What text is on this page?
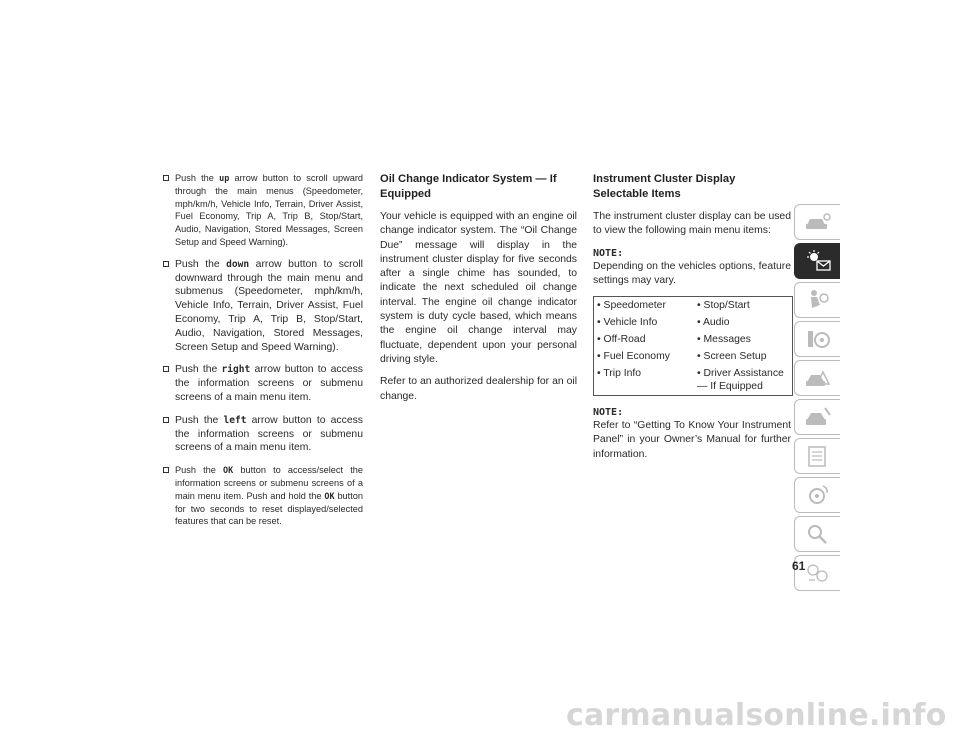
Push the up arrow button to scroll upward through the main menus (Speedometer, mph/km/h, Vehicle Info, Terrain, Driver Assist, Fuel Economy, Trip A, Trip B, Stop/Start, Audio, Navigation, Stored Messages, Screen Setup and Speed Warning).
Push the down arrow button to scroll downward through the main menu and submenus (Speedometer, mph/km/h, Vehicle Info, Terrain, Driver Assist, Fuel Economy, Trip A, Trip B, Stop/Start, Audio, Navigation, Stored Messages, Screen Setup and Speed Warning).
Push the right arrow button to access the information screens or submenu screens of a main menu item.
Push the left arrow button to access the information screens or submenu screens of a main menu item.
Push the OK button to access/select the information screens or submenu screens of a main menu item. Push and hold the OK button for two seconds to reset displayed/selected features that can be reset.
Oil Change Indicator System — If Equipped

Your vehicle is equipped with an engine oil change indicator system. The “Oil Change Due” message will display in the instrument cluster display for five seconds after a single chime has sounded, to indicate the next scheduled oil change interval. The engine oil change indicator system is duty cycle based, which means the engine oil change interval may fluctuate, dependent upon your personal driving style.

Refer to an authorized dealership for an oil change.

Instrument Cluster Display Selectable Items

The instrument cluster display can be used to view the following main menu items:

NOTE:

Depending on the vehicles options, feature settings may vary.

• Speedometer	• Stop/Start
• Vehicle Info	• Audio
• Off-Road	• Messages
• Fuel Economy	• Screen Setup
• Trip Info	• Driver Assistance — If Equipped
NOTE:

Refer to “Getting To Know Your Instrument Panel” in your Owner’s Manual for further information.

61
carmanualsonline.info
